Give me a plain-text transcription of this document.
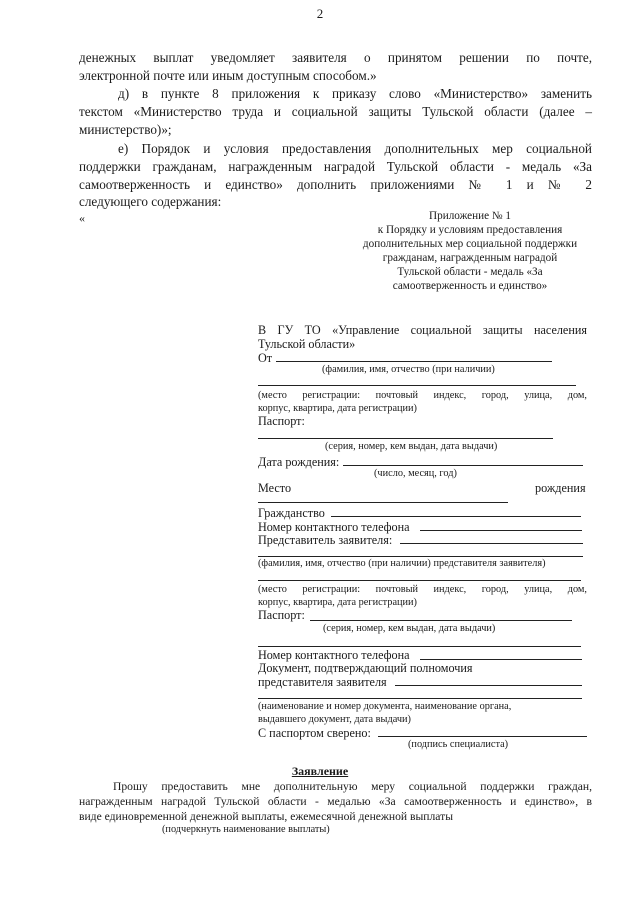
2
денежных выплат уведомляет заявителя о принятом решении по почте,
электронной почте или иным доступным способом.»
д) в пункте 8 приложения к приказу слово «Министерство» заменить
текстом «Министерство труда и социальной защиты Тульской области (далее –
министерство)»;
е) Порядок и условия предоставления дополнительных мер социальной
поддержки гражданам, награжденным наградой Тульской области - медаль «За
самоотверженность и единство» дополнить приложениями № 1 и № 2
следующего содержания:
«	Приложение № 1
к Порядку и условиям предоставления
дополнительных мер социальной поддержки
гражданам, награжденным наградой
Тульской области - медаль «За
самоотверженность и единство»
В ГУ ТО «Управление социальной защиты населения
Тульской области»
От
(фамилия, имя, отчество (при наличии)
(место регистрации: почтовый индекс, город, улица, дом,
корпус, квартира, дата регистрации)
Паспорт:
(серия, номер, кем выдан, дата выдачи)
Дата рождения:
(число, месяц, год)
Место	рождения
Гражданство
Номер контактного телефона
Представитель заявителя:
(фамилия, имя, отчество (при наличии) представителя заявителя)
(место регистрации: почтовый индекс, город, улица, дом,
корпус, квартира, дата регистрации)
Паспорт:
(серия, номер, кем выдан, дата выдачи)
Номер контактного телефона
Документ, подтверждающий полномочия
представителя заявителя
(наименование и номер документа, наименование органа,
выдавшего документ, дата выдачи)
С паспортом сверено:
(подпись специалиста)
Заявление
Прошу предоставить мне дополнительную меру социальной поддержки граждан,
награжденным наградой Тульской области - медалью «За самоотверженность и единство», в
виде единовременной денежной выплаты, ежемесячной денежной выплаты
(подчеркнуть наименование выплаты)
